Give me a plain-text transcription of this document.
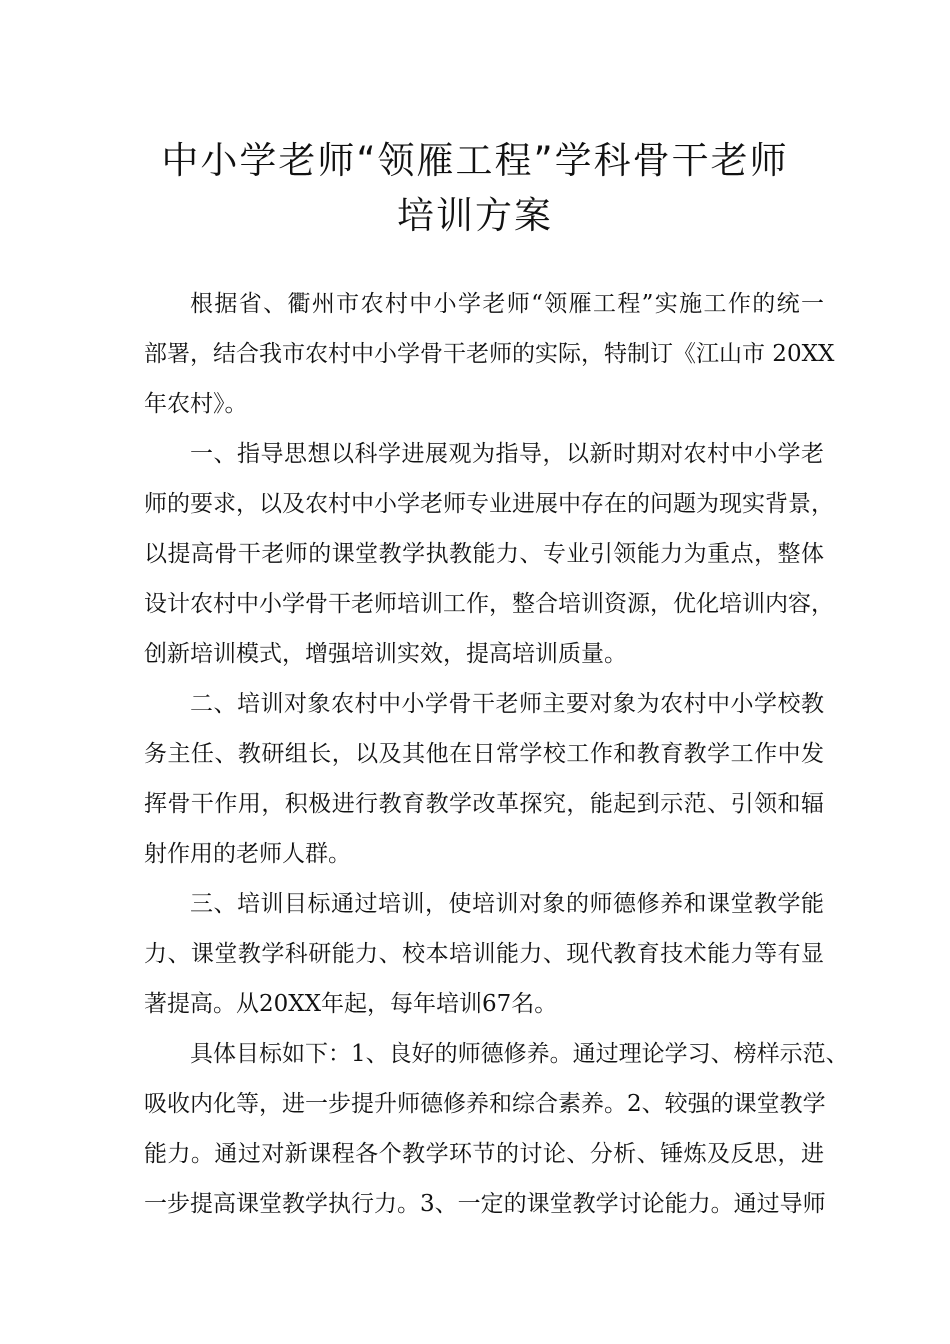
中小学老师“领雁工程”学科骨干老师
培训方案
根据省、衢州市农村中小学老师“领雁工程”实施工作的统一
部署，结合我市农村中小学骨干老师的实际，特制订《江山市 20XX
年农村》。
一、指导思想以科学进展观为指导，以新时期对农村中小学老
师的要求，以及农村中小学老师专业进展中存在的问题为现实背景，
以提高骨干老师的课堂教学执教能力、专业引领能力为重点，整体
设计农村中小学骨干老师培训工作，整合培训资源，优化培训内容，
创新培训模式，增强培训实效，提高培训质量。
二、培训对象农村中小学骨干老师主要对象为农村中小学校教
务主任、教研组长，以及其他在日常学校工作和教育教学工作中发
挥骨干作用，积极进行教育教学改革探究，能起到示范、引领和辐
射作用的老师人群。
三、培训目标通过培训，使培训对象的师德修养和课堂教学能
力、课堂教学科研能力、校本培训能力、现代教育技术能力等有显
著提高。从20XX年起，每年培训67名。
具体目标如下：1、良好的师德修养。通过理论学习、榜样示范、
吸收内化等，进一步提升师德修养和综合素养。2、较强的课堂教学
能力。通过对新课程各个教学环节的讨论、分析、锤炼及反思，进
一步提高课堂教学执行力。3、一定的课堂教学讨论能力。通过导师
